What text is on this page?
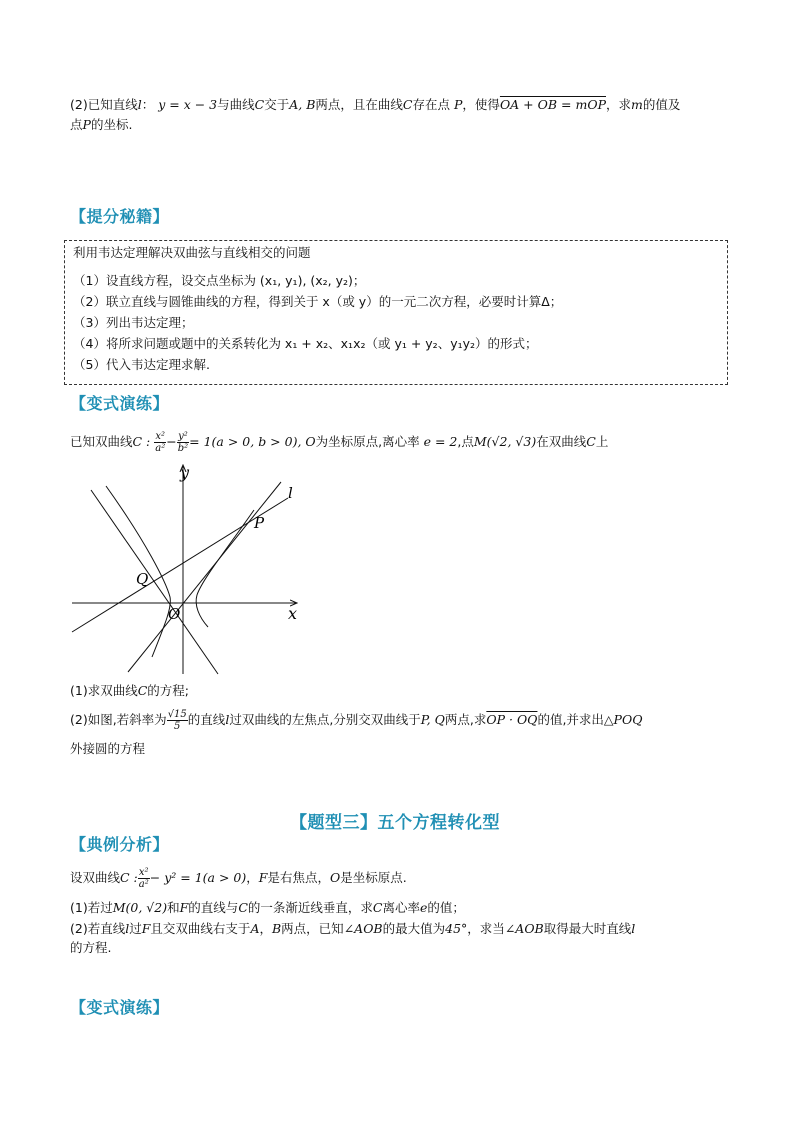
(2)已知直线l： y = x − 3与曲线C交于A, B两点，且在曲线C存在点 P，使得OA + OB = mOP，求m的值及
点P的坐标.
【提分秘籍】
利用韦达定理解决双曲弦与直线相交的问题
（1）设直线方程，设交点坐标为 (x₁, y₁), (x₂, y₂)；
（2）联立直线与圆锥曲线的方程，得到关于 x（或 y）的一元二次方程，必要时计算Δ；
（3）列出韦达定理；
（4）将所求问题或题中的关系转化为 x₁ + x₂、x₁x₂（或 y₁ + y₂、y₁y₂）的形式；
（5）代入韦达定理求解.
【变式演练】
已知双曲线C : $\frac{\text{x²}}{\text{a²}} - \frac{\text{y²}}{\text{b²}} = 1(a > 0$, b > 0), O为坐标原点,离心率 e = 2,点M(√2, √3)在双曲线C上
y
x
l
P
Q
O
(1)求双曲线C的方程;
(2)如图,若斜率为 $\frac{√15}{5}$ 的直线l过双曲线的左焦点,分别交双曲线于P, Q两点,求OP · OQ的值,并求出△POQ
外接圆的方程
【题型三】五个方程转化型
【典例分析】
设双曲线C : $\frac{\text{x²}}{\text{a²}} - y^2 = 1(a > 0)$，F是右焦点，O是坐标原点.
(1)若过M(0, √2)和F的直线与C的一条渐近线垂直，求C离心率e的值；
(2)若直线l过F且交双曲线右支于A，B两点，已知∠AOB的最大值为45°，求当∠AOB取得最大时直线l
的方程.
【变式演练】
